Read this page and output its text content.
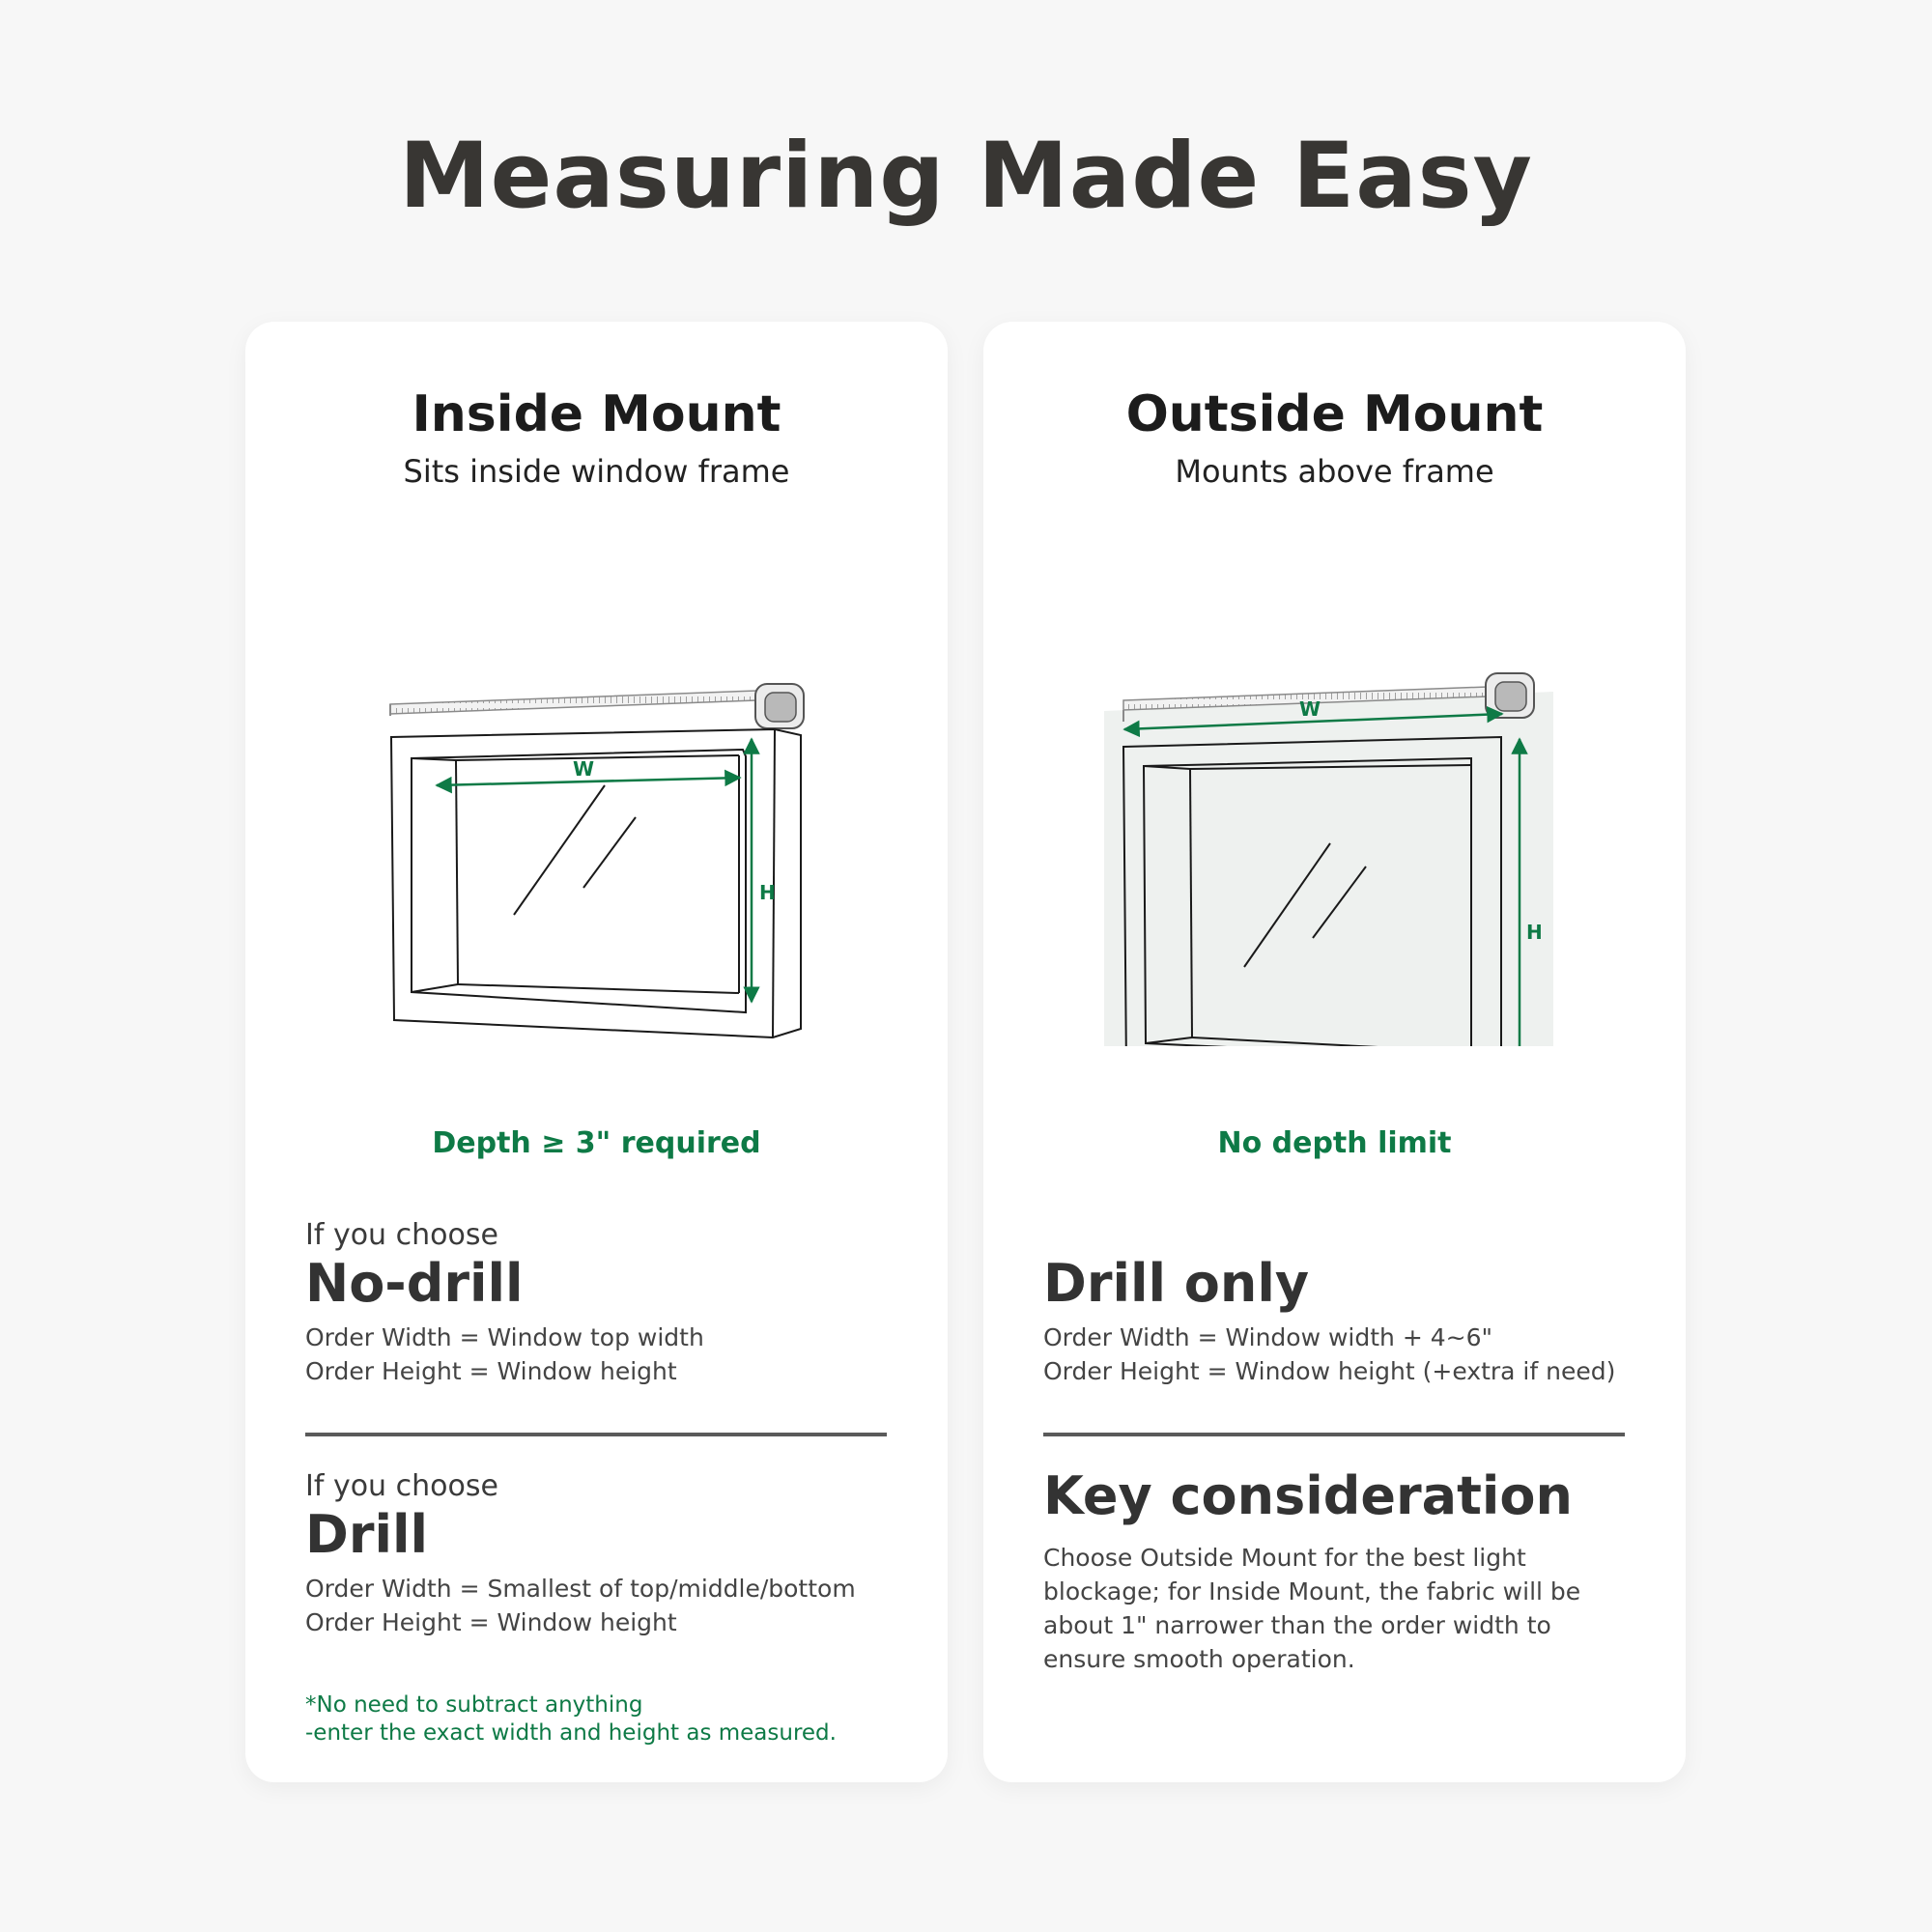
Measuring Made Easy
Inside Mount
Sits inside window frame
W
H
Depth ≥ 3" required
If you choose
No-drill
Order Width = Window top width
Order Height = Window height
If you choose
Drill
Order Width = Smallest of top/middle/bottom
Order Height = Window height
*No need to subtract anything
-enter the exact width and height as measured.
Outside Mount
Mounts above frame
W
H
No depth limit
Drill only
Order Width = Window width + 4~6"
Order Height = Window height (+extra if need)
Key consideration
Choose Outside Mount for the best light
blockage; for Inside Mount, the fabric will be
about 1" narrower than the order width to
ensure smooth operation.
